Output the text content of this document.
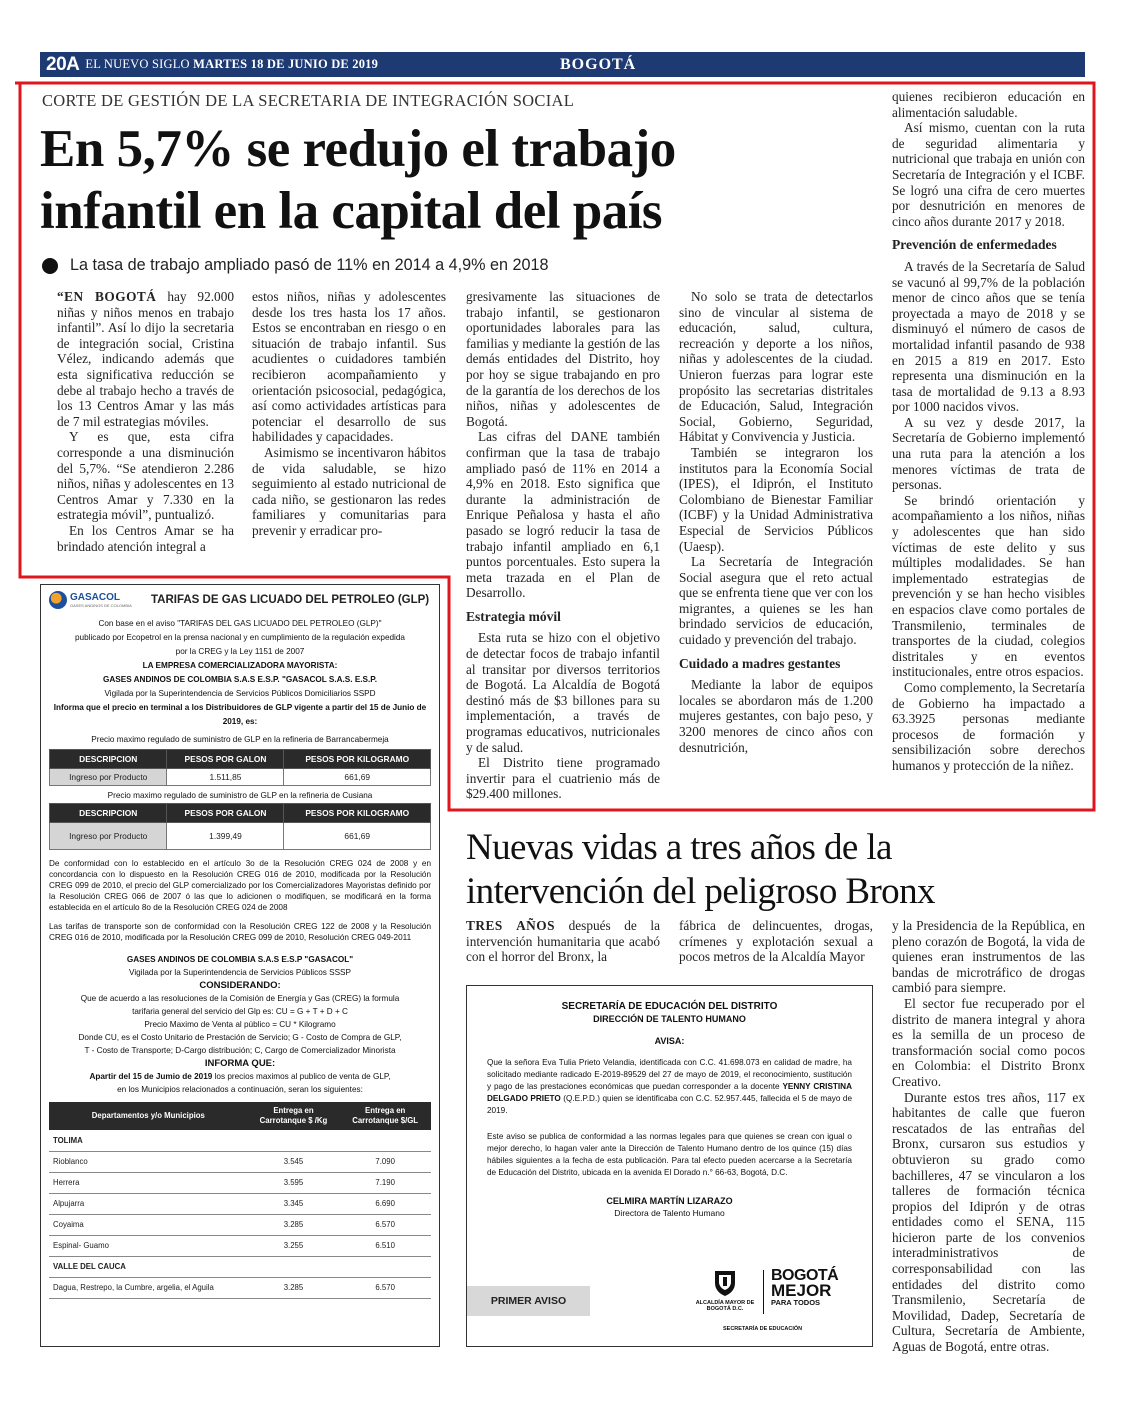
20A EL NUEVO SIGLO MARTES 18 DE JUNIO DE 2019	BOGOTÁ
CORTE DE GESTIÓN DE LA SECRETARIA DE INTEGRACIÓN SOCIAL
En 5,7% se redujo el trabajo
infantil en la capital del país
La tasa de trabajo ampliado pasó de 11% en 2014 a 4,9% en 2018

“EN BOGOTÁ hay 92.000 niñas y niños menos en trabajo infantil”. Así lo dijo la secretaria de integración social, Cristina Vélez, indicando además que esta significativa reducción se debe al trabajo hecho a través de los 13 Centros Amar y las más de 7 mil estrategias móviles.

Y es que, esta cifra corresponde a una disminución del 5,7%. “Se atendieron 2.286 niños, niñas y adolescentes en 13 Centros Amar y 7.330 en la estrategia móvil”, puntualizó.

En los Centros Amar se ha brindado atención integral a

estos niños, niñas y adolescentes desde los tres hasta los 17 años. Estos se encontraban en riesgo o en situación de trabajo infantil. Sus acudientes o cuidadores también recibieron acompañamiento y orientación psicosocial, pedagógica, así como actividades artísticas para potenciar el desarrollo de sus habilidades y capacidades.

Asimismo se incentivaron hábitos de vida saludable, se hizo seguimiento al estado nutricional de cada niño, se gestionaron las redes familiares y comunitarias para prevenir y erradicar pro-

gresivamente las situaciones de trabajo infantil, se gestionaron oportunidades laborales para las familias y mediante la gestión de las demás entidades del Distrito, hoy por hoy se sigue trabajando en pro de la garantía de los derechos de los niños, niñas y adolescentes de Bogotá.

Las cifras del DANE también confirman que la tasa de trabajo ampliado pasó de 11% en 2014 a 4,9% en 2018. Esto significa que durante la administración de Enrique Peñalosa y hasta el año pasado se logró reducir la tasa de trabajo infantil ampliado en 6,1 puntos porcentuales. Esto supera la meta trazada en el Plan de Desarrollo.

Estrategia móvil

Esta ruta se hizo con el objetivo de detectar focos de trabajo infantil al transitar por diversos territorios de Bogotá. La Alcaldía de Bogotá destinó más de $3 billones para su implementación, a través de programas educativos, nutricionales y de salud.

El Distrito tiene programado invertir para el cuatrienio más de $29.400 millones.

No solo se trata de detectarlos sino de vincular al sistema de educación, salud, cultura, recreación y deporte a los niños, niñas y adolescentes de la ciudad. Unieron fuerzas para lograr este propósito las secretarias distritales de Educación, Salud, Integración Social, Gobierno, Seguridad, Hábitat y Convivencia y Justicia.

También se integraron los institutos para la Economía Social (IPES), el Idiprón, el Instituto Colombiano de Bienestar Familiar (ICBF) y la Unidad Administrativa Especial de Servicios Públicos (Uaesp).

La Secretaría de Integración Social asegura que el reto actual que se enfrenta tiene que ver con los migrantes, a quienes se les han brindado servicios de educación, cuidado y prevención del trabajo.

Cuidado a madres gestantes

Mediante la labor de equipos locales se abordaron más de 1.200 mujeres gestantes, con bajo peso, y 3200 menores de cinco años con desnutrición,

quienes recibieron educación en alimentación saludable.

Así mismo, cuentan con la ruta de seguridad alimentaria y nutricional que trabaja en unión con Secretaría de Integración y el ICBF. Se logró una cifra de cero muertes por desnutrición en menores de cinco años durante 2017 y 2018.

Prevención de enfermedades

A través de la Secretaría de Salud se vacunó al 99,7% de la población menor de cinco años que se tenía proyectada a mayo de 2018 y se disminuyó el número de casos de mortalidad infantil pasando de 938 en 2015 a 819 en 2017. Esto representa una disminución en la tasa de mortalidad de 9.13 a 8.93 por 1000 nacidos vivos.

A su vez y desde 2017, la Secretaría de Gobierno implementó una ruta para la atención a los menores víctimas de trata de personas.

Se brindó orientación y acompañamiento a los niños, niñas y adolescentes que han sido víctimas de este delito y sus múltiples modalidades. Se han implementado estrategias de prevención y se han hecho visibles en espacios clave como portales de Transmilenio, terminales de transportes de la ciudad, colegios distritales y en eventos institucionales, entre otros espacios.

Como complemento, la Secretaría de Gobierno ha impactado a 63.3925 personas mediante procesos de formación y sensibilización sobre derechos humanos y protección de la niñez.

GASACOL
GASES ANDINOS DE COLOMBIA TARIFAS DE GAS LICUADO DEL PETROLEO (GLP)
Con base en el aviso "TARIFAS DEL GAS LICUADO DEL PETROLEO (GLP)"
publicado por Ecopetrol en la prensa nacional y en cumplimiento de la regulación expedida
por la CREG y la Ley 1151 de 2007
LA EMPRESA COMERCIALIZADORA MAYORISTA:
GASES ANDINOS DE COLOMBIA S.A.S E.S.P. "GASACOL S.A.S. E.S.P.
Vigilada por la Superintendencia de Servicios Públicos Domiciliarios SSPD
Informa que el precio en terminal a los Distribuidores de GLP vigente a partir del 15 de Junio de 2019, es:
Precio maximo regulado de suministro de GLP en la refineria de Barrancabermeja
DESCRIPCION	PESOS POR GALON	PESOS POR KILOGRAMO
Ingreso por Producto	1.511,85	661,69
Precio maximo regulado de suministro de GLP en la refineria de Cusiana
DESCRIPCION	PESOS POR GALON	PESOS POR KILOGRAMO
Ingreso por Producto	1.399,49	661,69
De conformidad con lo establecido en el artículo 3o de la Resolución CREG 024 de 2008 y en concordancia con lo dispuesto en la Resolución CREG 016 de 2010, modificada por la Resolución CREG 099 de 2010, el precio del GLP comercializado por los Comercializadores Mayoristas definido por la Resolución CREG 066 de 2007 ó las que lo adicionen o modifiquen, se modificará en la forma establecida en el artículo 8o de la Resolución CREG 024 de 2008
Las tarifas de transporte son de conformidad con la Resolución CREG 122 de 2008 y la Resolución CREG 016 de 2010, modificada por la Resolución CREG 099 de 2010, Resolución CREG 049-2011
GASES ANDINOS DE COLOMBIA S.A.S E.S.P "GASACOL"
Vigilada por la Superintendencia de Servicios Públicos SSSP
CONSIDERANDO:
Que de acuerdo a las resoluciones de la Comisión de Energía y Gas (CREG) la formula
tarifaria general del servicio del Glp es: CU = G + T + D + C
Precio Maximo de Venta al público = CU * Kilogramo
Donde CU, es el Costo Unitario de Prestación de Servicio; G - Costo de Compra de GLP,
T - Costo de Transporte; D-Cargo distribución; C, Cargo de Comercializador Minorista
INFORMA QUE:
Apartir del 15 de Jumio de 2019 los precios maximos al publico de venta de GLP,
en los Municipios relacionados a continuación, seran los siguientes:
Departamentos y/o Municipios	Entrega en Carrotanque $ /Kg	Entrega en Carrotanque $/GL
TOLIMA		
Rioblanco	3.545	7.090
Herrera	3.595	7.190
Alpujarra	3.345	6.690
Coyaima	3.285	6.570
Espinal- Guamo	3.255	6.510
VALLE DEL CAUCA		
Dagua, Restrepo, la Cumbre, argelia, el Aguila	3.285	6.570
Nuevas vidas a tres años de la
intervención del peligroso Bronx

TRES AÑOS después de la intervención humanitaria que acabó con el horror del Bronx, la

fábrica de delincuentes, drogas, crímenes y explotación sexual a pocos metros de la Alcaldía Mayor

y la Presidencia de la República, en pleno corazón de Bogotá, la vida de quienes eran instrumentos de las bandas de microtráfico de drogas cambió para siempre.

El sector fue recuperado por el distrito de manera integral y ahora es la semilla de un proceso de transformación social como pocos en Colombia: el Distrito Bronx Creativo.

Durante estos tres años, 117 ex habitantes de calle que fueron rescatados de las entrañas del Bronx, cursaron sus estudios y obtuvieron su grado como bachilleres, 47 se vincularon a los talleres de formación técnica propios del Idiprón y de otras entidades como el SENA, 115 hicieron parte de los convenios interadministrativos de corresponsabilidad con las entidades del distrito como Transmilenio, Secretaría de Movilidad, Dadep, Secretaría de Cultura, Secretaría de Ambiente, Aguas de Bogotá, entre otras.

SECRETARÍA DE EDUCACIÓN DEL DISTRITO
DIRECCIÓN DE TALENTO HUMANO
AVISA:
Que la señora Eva Tulia Prieto Velandia, identificada con C.C. 41.698.073 en calidad de madre, ha solicitado mediante radicado E-2019-89529 del 27 de mayo de 2019, el reconocimiento, sustitución y pago de las prestaciones económicas que puedan corresponder a la docente YENNY CRISTINA DELGADO PRIETO (Q.E.P.D.) quien se identificaba con C.C. 52.957.445, fallecida el 5 de mayo de 2019.
Este aviso se publica de conformidad a las normas legales para que quienes se crean con igual o mejor derecho, lo hagan valer ante la Dirección de Talento Humano dentro de los quince (15) días hábiles siguientes a la fecha de esta publicación. Para tal efecto pueden acercarse a la Secretaría de Educación del Distrito, ubicada en la avenida El Dorado n.° 66-63, Bogotá, D.C.
CELMIRA MARTÍN LIZARAZO
Directora de Talento Humano
PRIMER AVISO	ALCALDÍA MAYOR DE BOGOTÁ D.C.
BOGOTÁ
MEJOR
PARA TODOS
SECRETARÍA DE EDUCACIÓN
